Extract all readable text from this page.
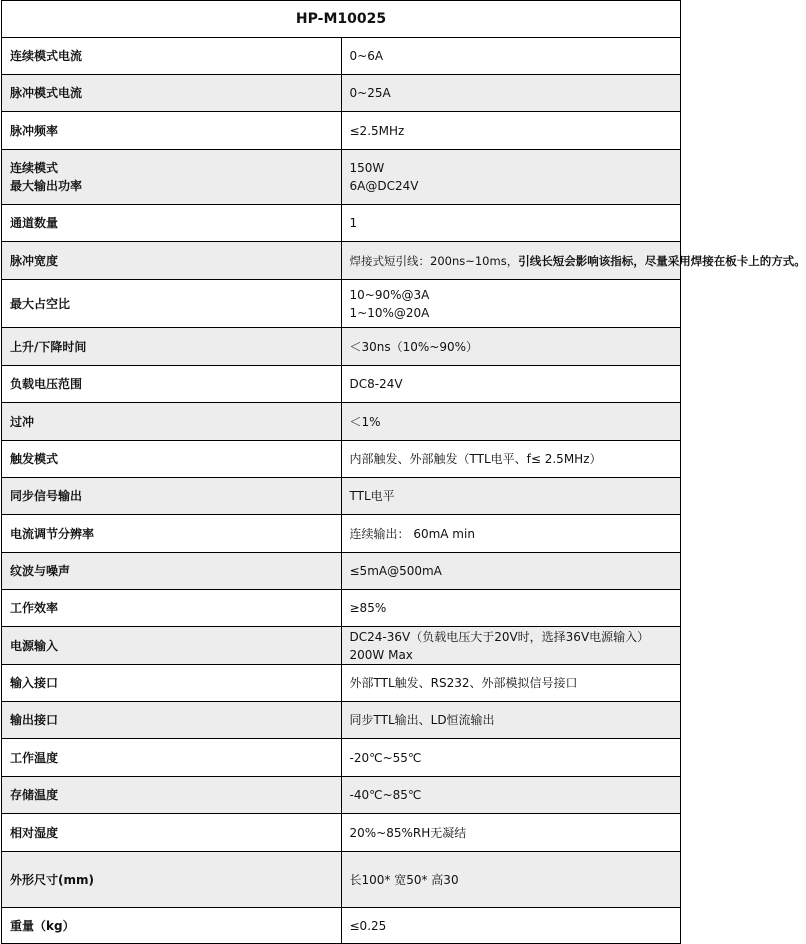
HP-M10025	
连续模式电流	0~6A
脉冲模式电流	0~25A
脉冲频率	≤2.5MHz

连续模式
最大输出功率	150W
6A@DC24V

通道数量	1
脉冲宽度	焊接式短引线：200ns~10ms，引线长短会影响该指标，尽量采用焊接在板卡上的方式。
最大占空比	10~90%@3A
1~10%@20A

上升/下降时间	＜30ns（10%~90%）
负载电压范围	DC8-24V
过冲	＜1%
触发模式	内部触发、外部触发（TTL电平、f≤ 2.5MHz）
同步信号输出	TTL电平
电流调节分辨率	连续输出： 60mA min
纹波与噪声	≤5mA@500mA
工作效率	≥85%
电源输入	DC24-36V（负载电压大于20V时，选择36V电源输入）
200W Max

输入接口	外部TTL触发、RS232、外部模拟信号接口
输出接口	同步TTL输出、LD恒流输出
工作温度	-20℃~55℃
存储温度	-40℃~85℃
相对湿度	20%~85%RH无凝结
外形尺寸(mm)	长100* 宽50* 高30
重量（kg）	≤0.25
